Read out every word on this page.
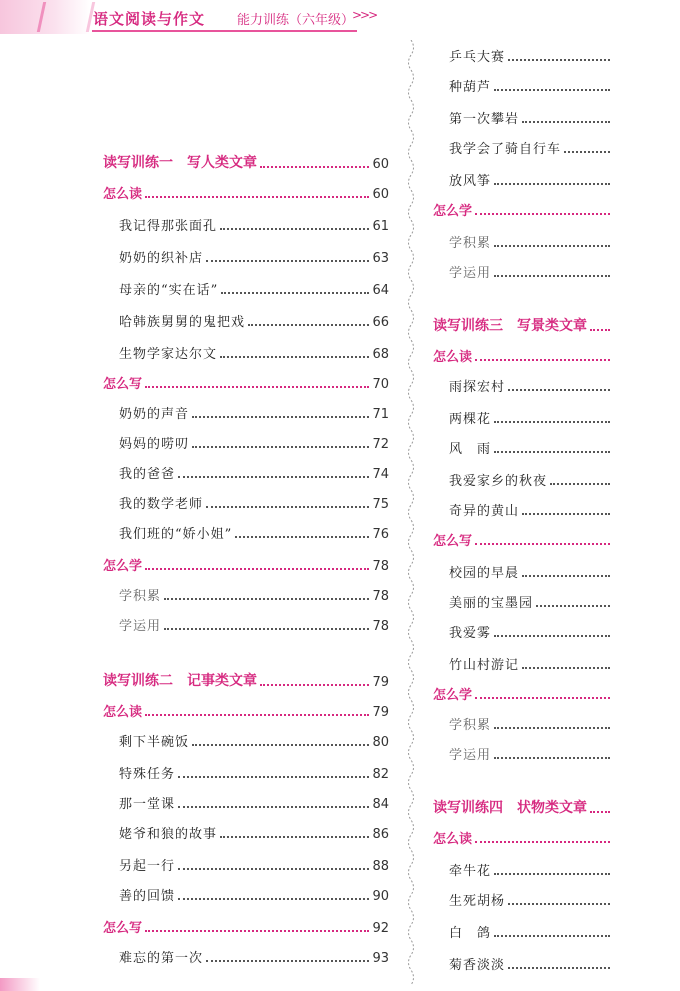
语文阅读与作文 能力训练（六年级）
>>>
读写训练一　写人类文章	60
怎么读	60
我记得那张面孔	61
奶奶的织补店	63
母亲的“实在话”	64
哈韩族舅舅的鬼把戏	66
生物学家达尔文	68
怎么写	70
奶奶的声音	71
妈妈的唠叨	72
我的爸爸	74
我的数学老师	75
我们班的“娇小姐”	76
怎么学	78
学积累	78
学运用	78
读写训练二　记事类文章	79
怎么读	79
剩下半碗饭	80
特殊任务	82
那一堂课	84
姥爷和狼的故事	86
另起一行	88
善的回馈	90
怎么写	92
难忘的第一次	93
乒乓大赛
种葫芦
第一次攀岩
我学会了骑自行车
放风筝
怎么学
学积累
学运用
读写训练三　写景类文章
怎么读
雨探宏村
两棵花
风　雨
我爱家乡的秋夜
奇异的黄山
怎么写
校园的早晨
美丽的宝墨园
我爱雾
竹山村游记
怎么学
学积累
学运用
读写训练四　状物类文章
怎么读
牵牛花
生死胡杨
白　鸽
菊香淡淡
